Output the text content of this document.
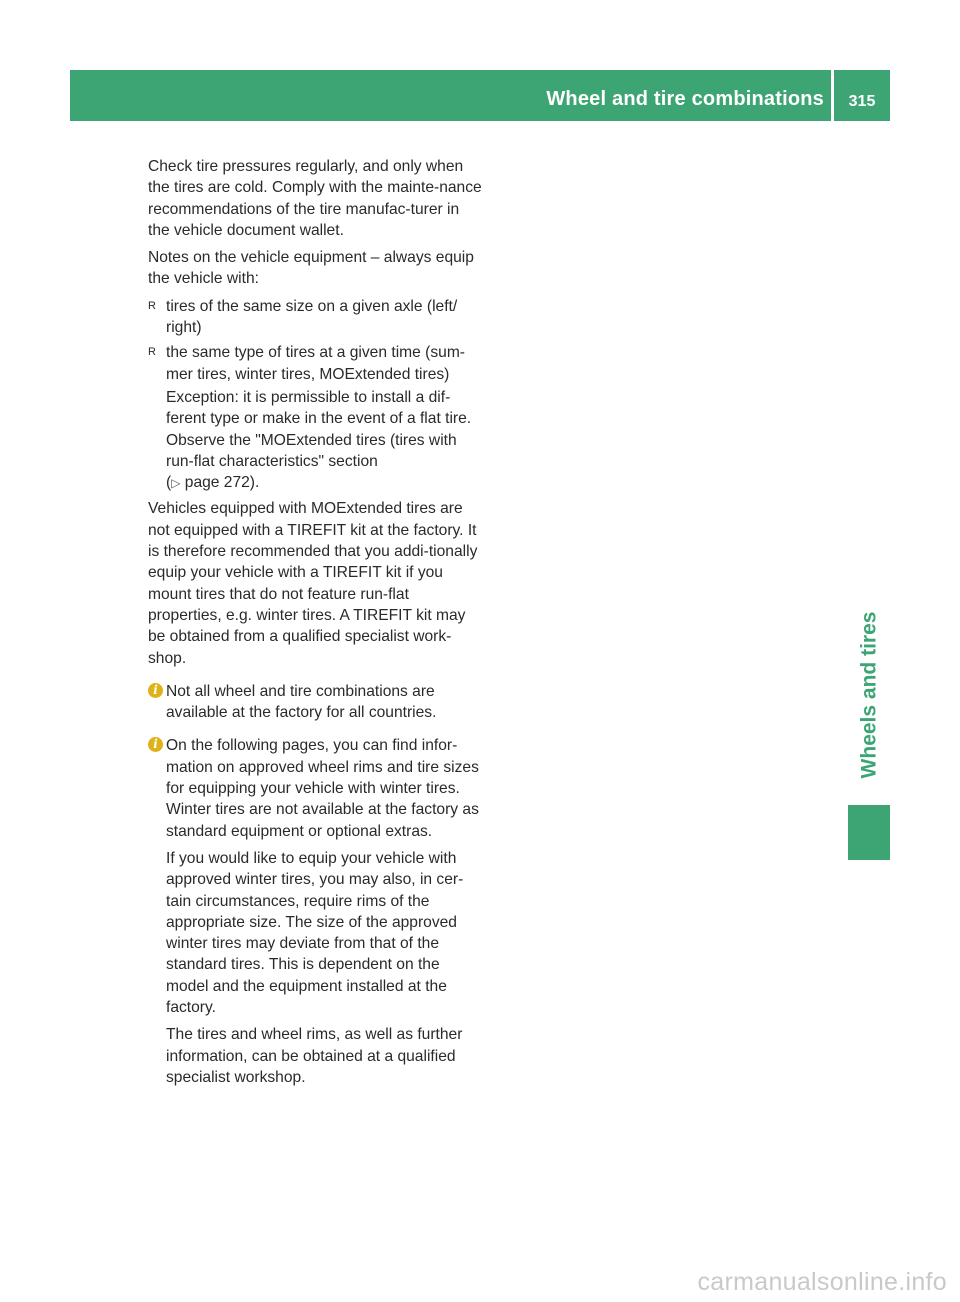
Wheel and tire combinations	315
Wheels and tires

Check tire pressures regularly, and only when the tires are cold. Comply with the mainte-nance recommendations of the tire manufac-turer in the vehicle document wallet.

Notes on the vehicle equipment – always equip the vehicle with:

R tires of the same size on a given axle (left/ right)
R the same type of tires at a given time (sum-mer tires, winter tires, MOExtended tires)

Exception: it is permissible to install a dif-ferent type or make in the event of a flat tire. Observe the "MOExtended tires (tires with run-flat characteristics" section
(▷ page 272).

Vehicles equipped with MOExtended tires are not equipped with a TIREFIT kit at the factory. It is therefore recommended that you addi-tionally equip your vehicle with a TIREFIT kit if you mount tires that do not feature run-flat properties, e.g. winter tires. A TIREFIT kit may be obtained from a qualified specialist work-shop.

i Not all wheel and tire combinations are available at the factory for all countries.

i On the following pages, you can find infor-mation on approved wheel rims and tire sizes for equipping your vehicle with winter tires. Winter tires are not available at the factory as standard equipment or optional extras.

If you would like to equip your vehicle with approved winter tires, you may also, in cer-tain circumstances, require rims of the appropriate size. The size of the approved winter tires may deviate from that of the standard tires. This is dependent on the model and the equipment installed at the factory.

The tires and wheel rims, as well as further information, can be obtained at a qualified specialist workshop.

carmanualsonline.info
